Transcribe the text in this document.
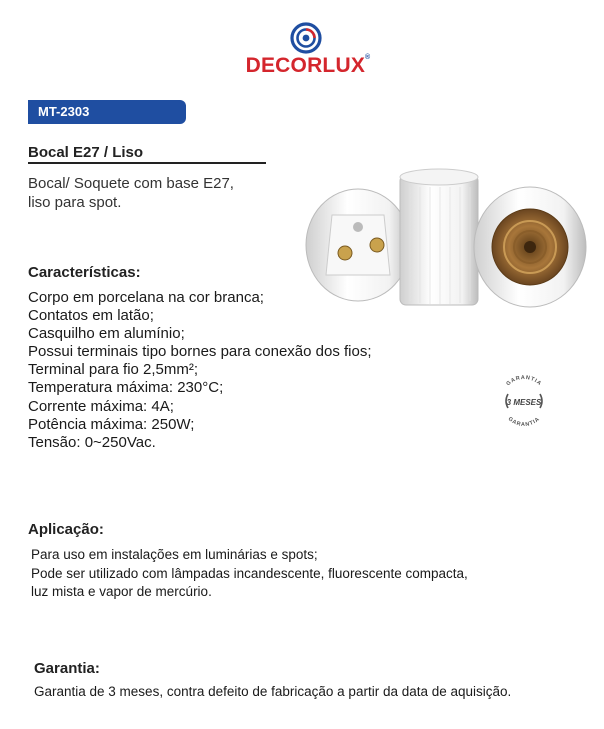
DECORLUX®
MT-2303
Bocal E27 / Liso
Bocal/ Soquete com base E27,
liso para spot.
Características:
Corpo em porcelana na cor branca;
Contatos em latão;
Casquilho em alumínio;
Possui terminais tipo bornes para conexão dos fios;
Terminal para fio 2,5mm²;
Temperatura máxima: 230°C;
Corrente máxima: 4A;
Potência máxima: 250W;
Tensão: 0~250Vac.
GARANTIA
GARANTIA
3 MESES
Aplicação:
Para uso em instalações em luminárias e spots;
Pode ser utilizado com lâmpadas incandescente, fluorescente compacta,
luz mista e vapor de mercúrio.
Garantia:
Garantia de 3 meses, contra defeito de fabricação a partir da data de aquisição.
